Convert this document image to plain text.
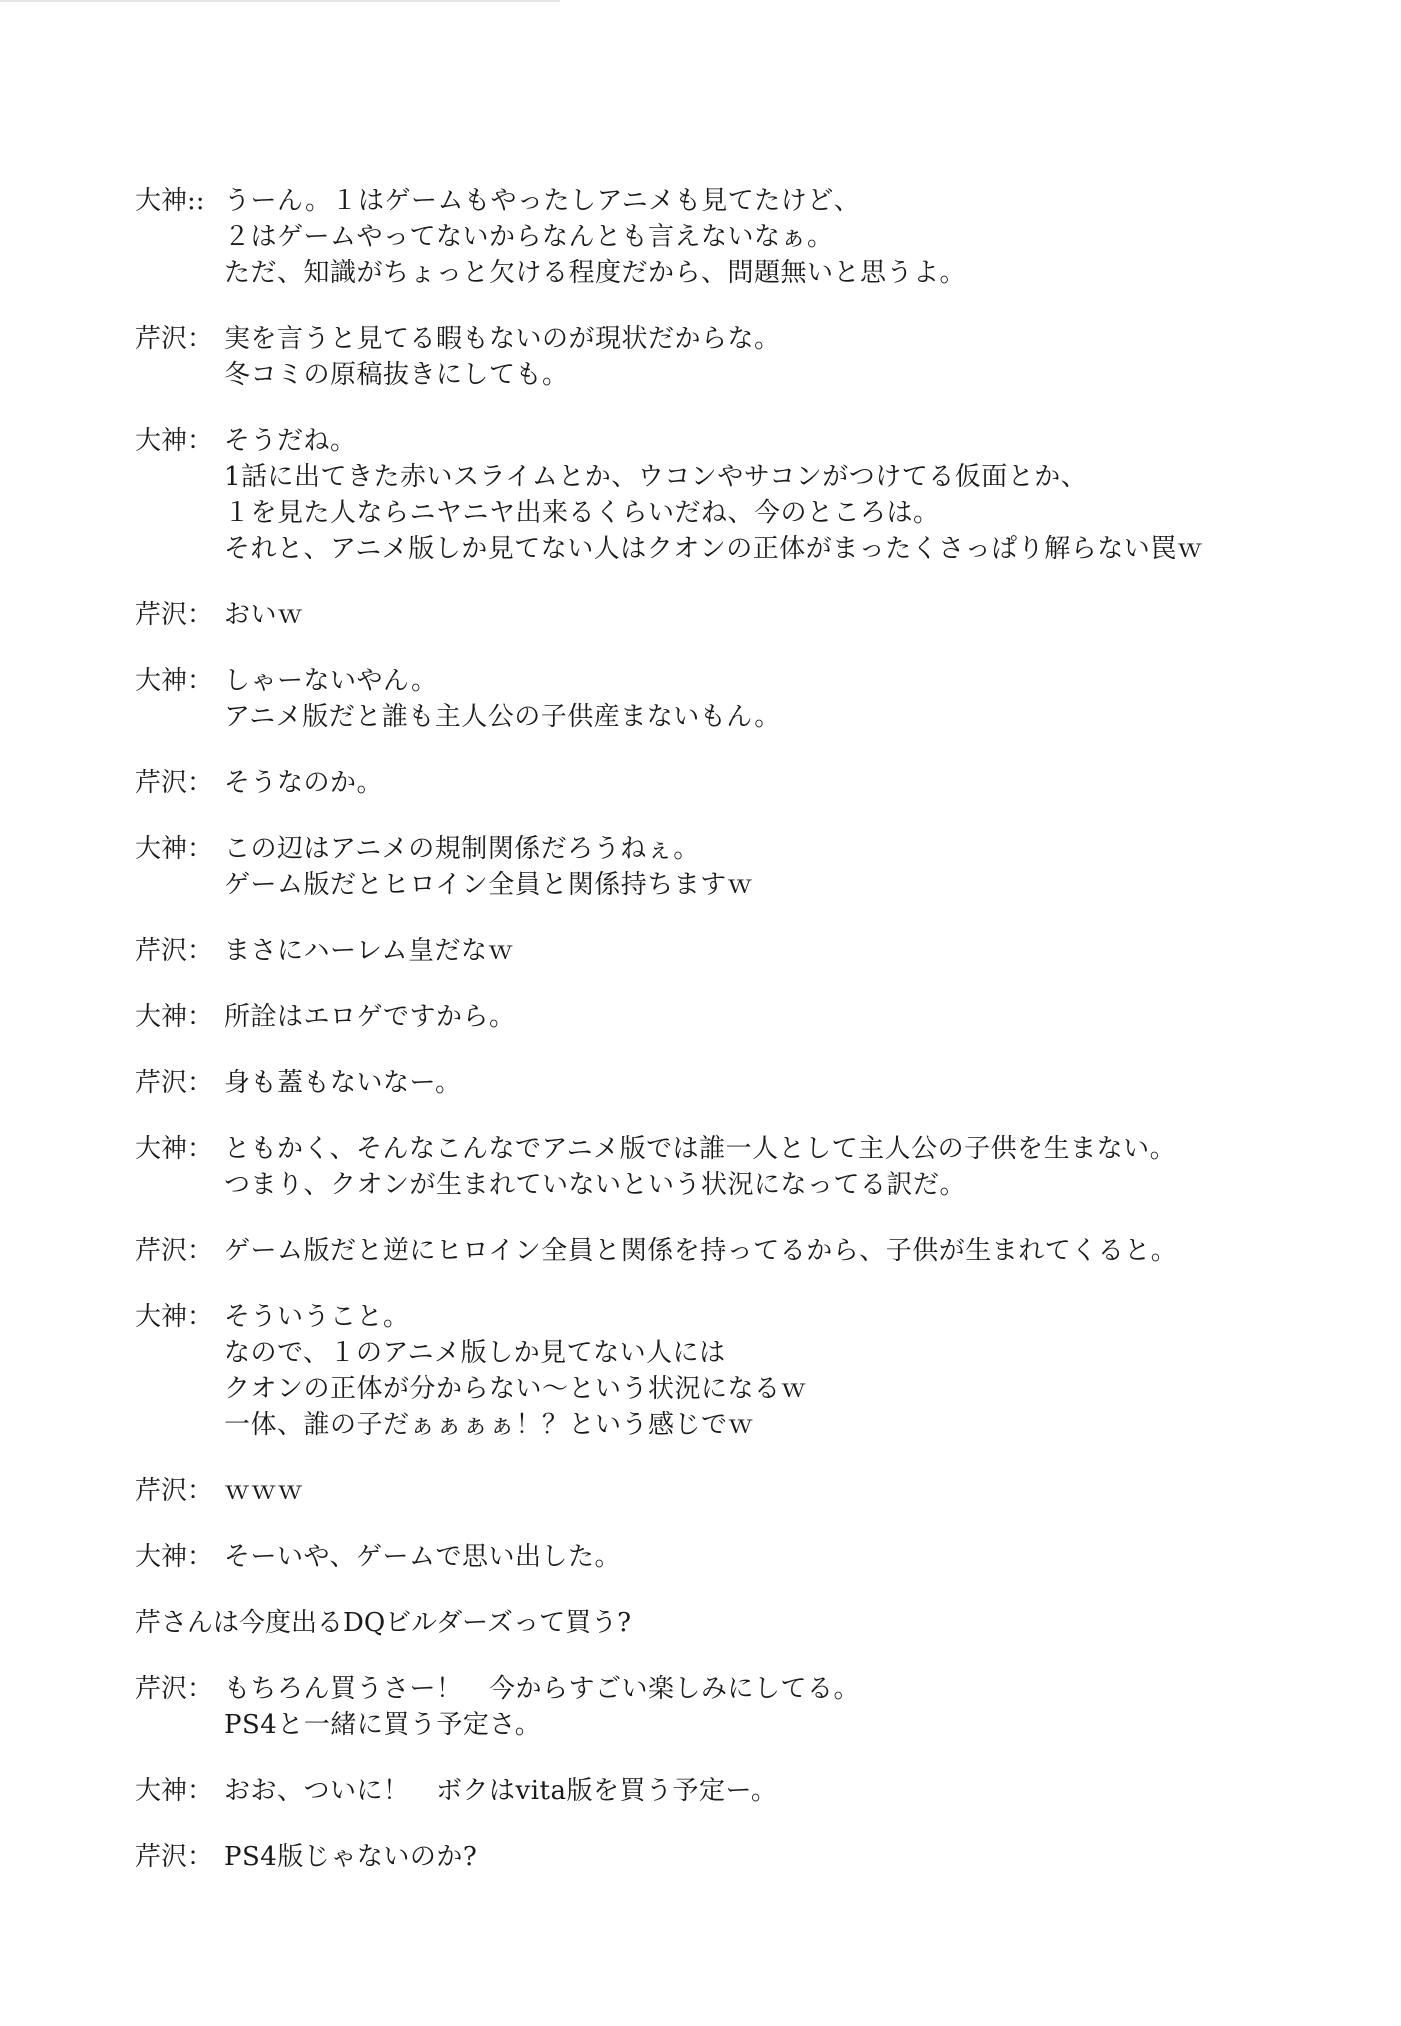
大神:: うーん。１はゲームもやったしアニメも見てたけど、
２はゲームやってないからなんとも言えないなぁ。
ただ、知識がちょっと欠ける程度だから、問題無いと思うよ。
芹沢： 実を言うと見てる暇もないのが現状だからな。
冬コミの原稿抜きにしても。
大神： そうだね。
1話に出てきた赤いスライムとか、ウコンやサコンがつけてる仮面とか、
１を見た人ならニヤニヤ出来るくらいだね、今のところは。
それと、アニメ版しか見てない人はクオンの正体がまったくさっぱり解らない罠ｗ
芹沢： おいｗ
大神： しゃーないやん。
アニメ版だと誰も主人公の子供産まないもん。
芹沢： そうなのか。
大神： この辺はアニメの規制関係だろうねぇ。
ゲーム版だとヒロイン全員と関係持ちますｗ
芹沢： まさにハーレム皇だなｗ
大神： 所詮はエロゲですから。
芹沢： 身も蓋もないなー。
大神： ともかく、そんなこんなでアニメ版では誰一人として主人公の子供を生まない。
つまり、クオンが生まれていないという状況になってる訳だ。
芹沢： ゲーム版だと逆にヒロイン全員と関係を持ってるから、子供が生まれてくると。
大神： そういうこと。
なので、１のアニメ版しか見てない人には
クオンの正体が分からない～という状況になるｗ
一体、誰の子だぁぁぁぁ！？という感じでｗ
芹沢： ｗｗｗ
大神： そーいや、ゲームで思い出した。
芹さんは今度出るDQビルダーズって買う?
芹沢： もちろん買うさー！　今からすごい楽しみにしてる。
PS4と一緒に買う予定さ。
大神： おお、ついに！　ボクはvita版を買う予定ー。
芹沢： PS4版じゃないのか?
